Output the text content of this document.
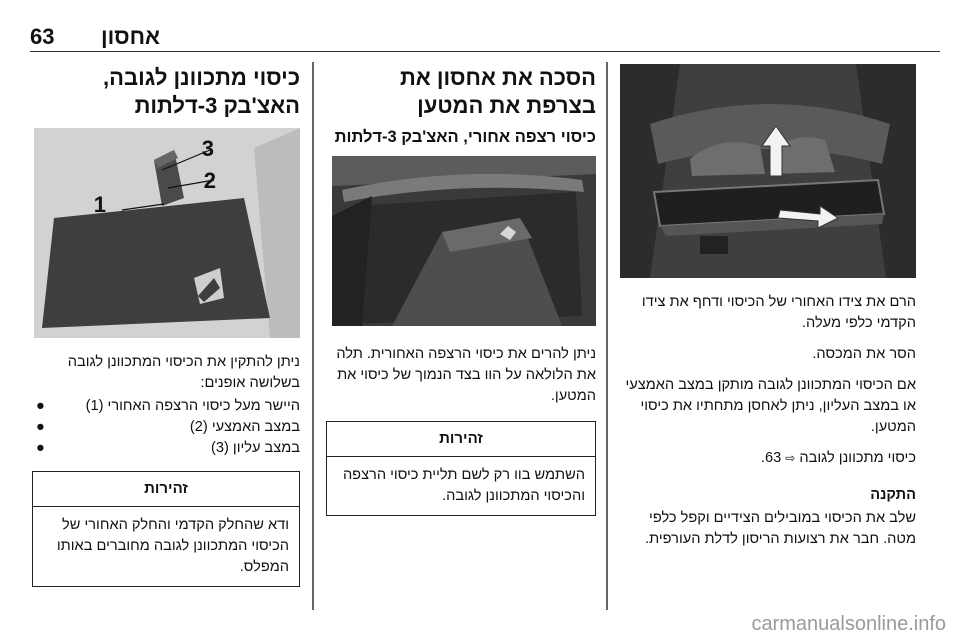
אחסון
63

הרם את צידו האחורי של הכיסוי ודחף את צידו הקדמי כלפי מעלה.

הסר את המכסה.

אם הכיסוי המתכוונן לגובה מותקן במצב האמצעי או במצב העליון, ניתן לאחסן מתחתיו את כיסוי המטען.

כיסוי מתכוונן לגובה ⇨ 63.

התקנה

שלב את הכיסוי במובילים הצידיים וקפל כלפי מטה. חבר את רצועות הריסון לדלת העורפית.

הסכה את אחסון את בצרפת את המטען

כיסוי רצפה אחורי, האצ'בק 3-דלתות

ניתן להרים את כיסוי הרצפה האחורית. תלה את הלולאה על הוו בצד הנמוך של כיסוי את המטען.

זהירות

השתמש בוו רק לשם תליית כיסוי הרצפה והכיסוי המתכוונן לגובה.

כיסוי מתכוונן לגובה, האצ'בק 3-דלתות

3
2
1

ניתן להתקין את הכיסוי המתכוונן לגובה בשלושה אופנים:

●	היישר מעל כיסוי הרצפה האחורי (1)
●	במצב האמצעי (2)
●	במצב עליון (3)

זהירות

ודא שהחלק הקדמי והחלק האחורי של הכיסוי המתכוונן לגובה מחוברים באותו המפלס.

carmanualsonline.info
